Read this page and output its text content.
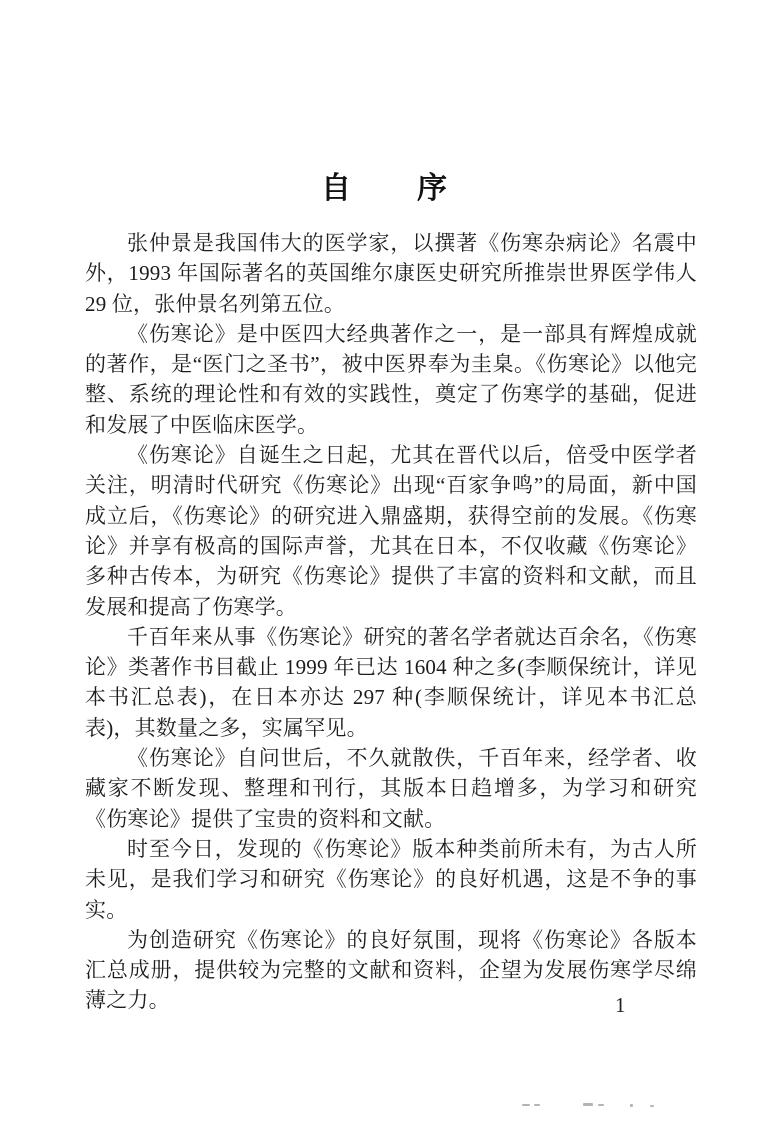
自　　序

张仲景是我国伟大的医学家，以撰著《伤寒杂病论》名震中外，1993 年国际著名的英国维尔康医史研究所推崇世界医学伟人 29 位，张仲景名列第五位。

《伤寒论》是中医四大经典著作之一，是一部具有辉煌成就的著作，是“医门之圣书”，被中医界奉为圭臬。《伤寒论》以他完整、系统的理论性和有效的实践性，奠定了伤寒学的基础，促进和发展了中医临床医学。

《伤寒论》自诞生之日起，尤其在晋代以后，倍受中医学者关注，明清时代研究《伤寒论》出现“百家争鸣”的局面，新中国成立后，《伤寒论》的研究进入鼎盛期，获得空前的发展。《伤寒论》并享有极高的国际声誉，尤其在日本，不仅收藏《伤寒论》多种古传本，为研究《伤寒论》提供了丰富的资料和文献，而且发展和提高了伤寒学。

千百年来从事《伤寒论》研究的著名学者就达百余名，《伤寒论》类著作书目截止 1999 年已达 1604 种之多(李顺保统计，详见本书汇总表)，在日本亦达 297 种(李顺保统计，详见本书汇总表)，其数量之多，实属罕见。

《伤寒论》自问世后，不久就散佚，千百年来，经学者、收藏家不断发现、整理和刊行，其版本日趋增多，为学习和研究《伤寒论》提供了宝贵的资料和文献。

时至今日，发现的《伤寒论》版本种类前所未有，为古人所未见，是我们学习和研究《伤寒论》的良好机遇，这是不争的事实。

为创造研究《伤寒论》的良好氛围，现将《伤寒论》各版本汇总成册，提供较为完整的文献和资料，企望为发展伤寒学尽绵薄之力。	1
